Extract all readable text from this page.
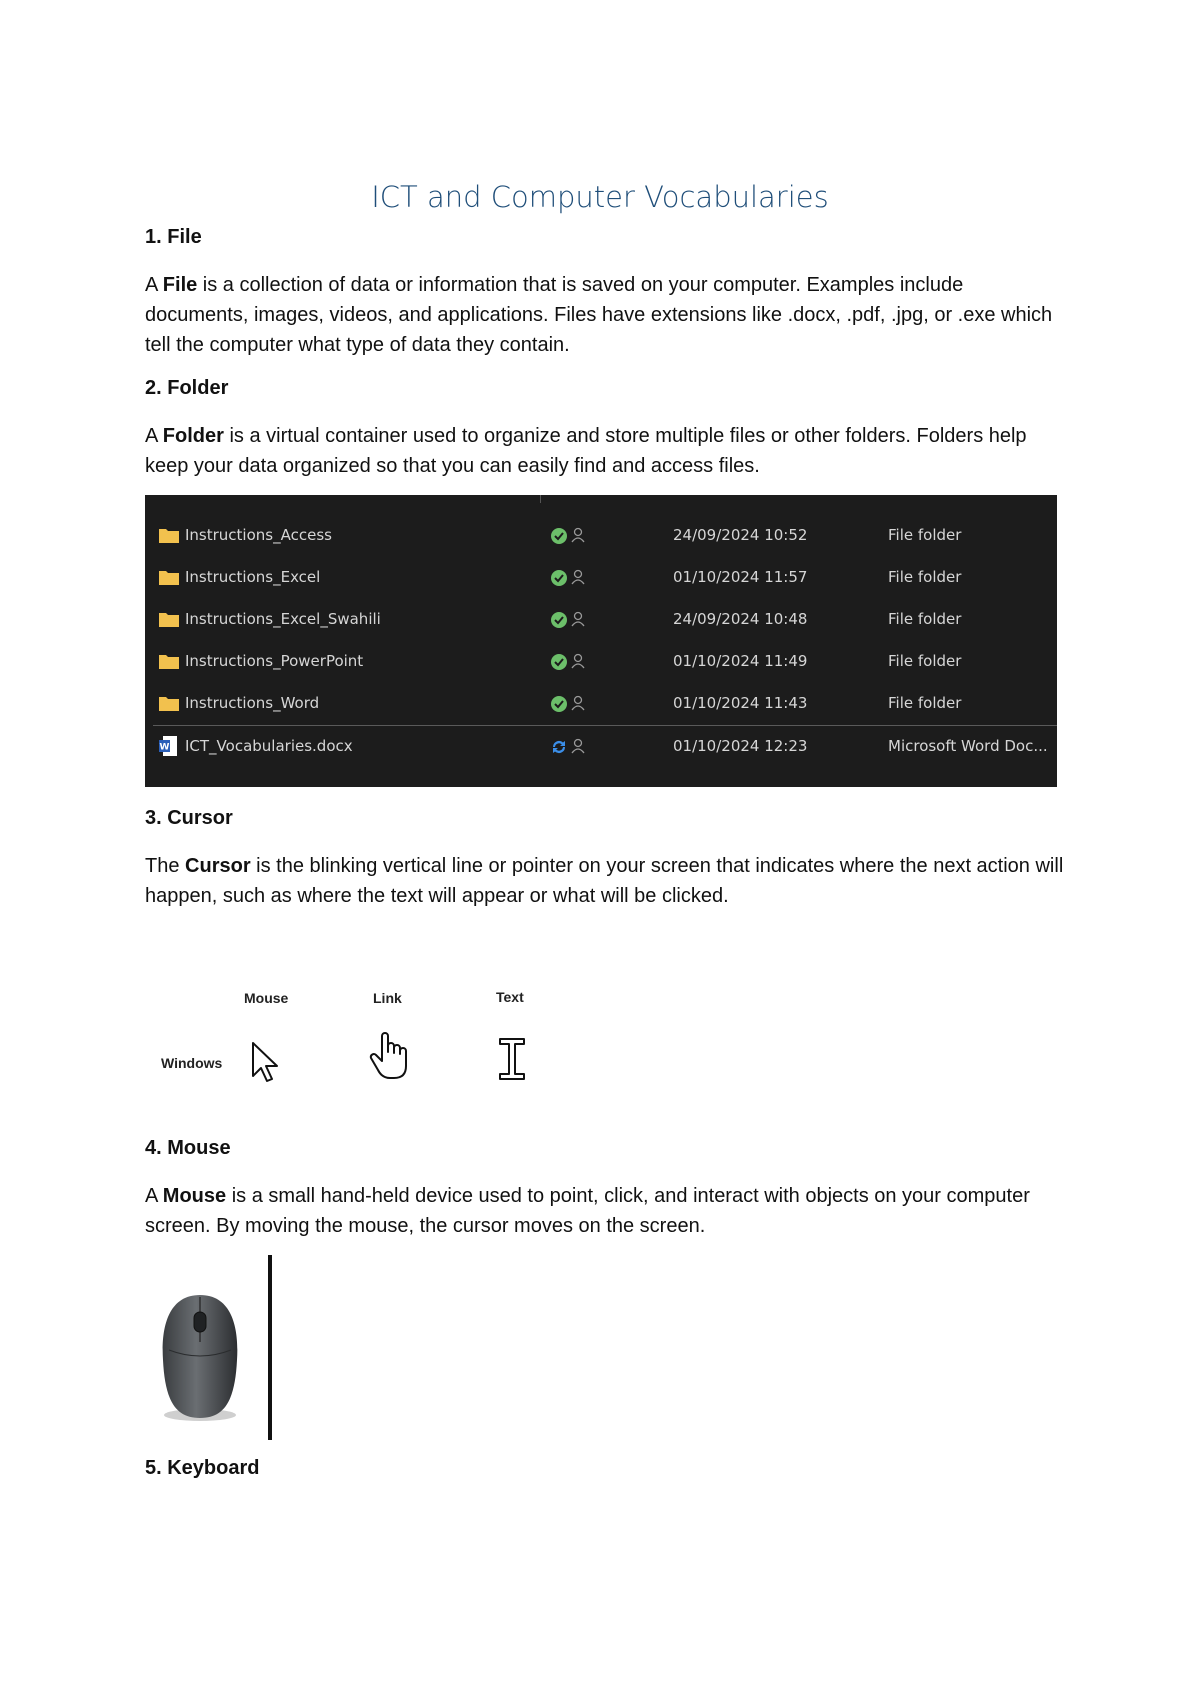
ICT and Computer Vocabularies
1. File
A File is a collection of data or information that is saved on your computer. Examples include documents, images, videos, and applications. Files have extensions like .docx, .pdf, .jpg, or .exe which tell the computer what type of data they contain.
2. Folder
A Folder is a virtual container used to organize and store multiple files or other folders. Folders help keep your data organized so that you can easily find and access files.
Instructions_Access	24/09/2024 10:52	File folder
Instructions_Excel	01/10/2024 11:57	File folder
Instructions_Excel_Swahili	24/09/2024 10:48	File folder
Instructions_PowerPoint	01/10/2024 11:49	File folder
Instructions_Word	01/10/2024 11:43	File folder
W ICT_Vocabularies.docx	01/10/2024 12:23	Microsoft Word Doc...
3. Cursor
The Cursor is the blinking vertical line or pointer on your screen that indicates where the next action will happen, such as where the text will appear or what will be clicked.
Mouse	Link	Text
Windows
4. Mouse
A Mouse is a small hand-held device used to point, click, and interact with objects on your computer screen. By moving the mouse, the cursor moves on the screen.
5. Keyboard
